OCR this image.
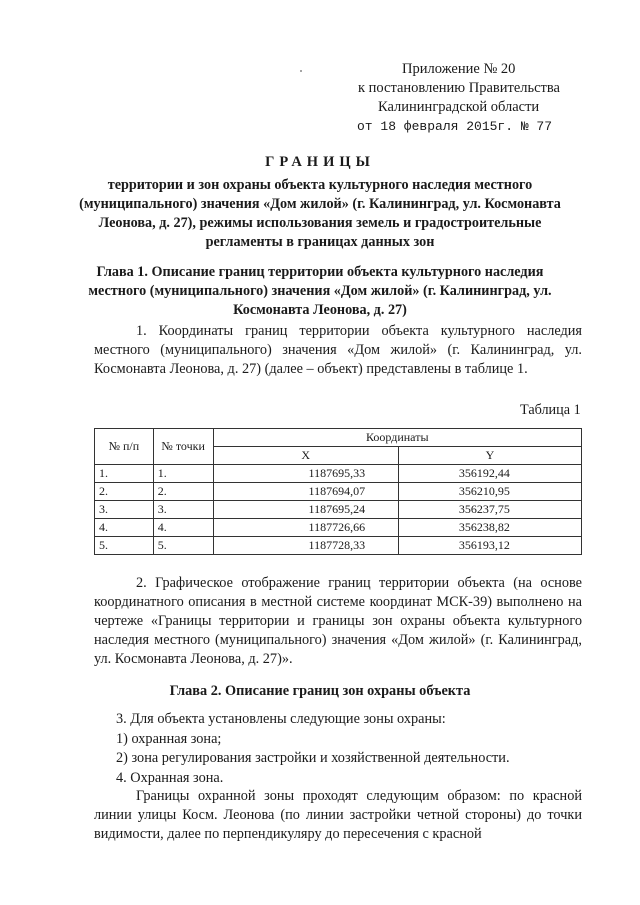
Приложение № 20
к постановлению Правительства
Калининградской области
от 18 февраля 2015г. № 77
ГРАНИЦЫ
территории и зон охраны объекта культурного наследия местного (муниципального) значения «Дом жилой» (г. Калининград, ул. Космонавта Леонова, д. 27), режимы использования земель и градостроительные регламенты в границах данных зон
Глава 1. Описание границ территории объекта культурного наследия местного (муниципального) значения «Дом жилой» (г. Калининград, ул. Космонавта Леонова, д. 27)
1. Координаты границ территории объекта культурного наследия местного (муниципального) значения «Дом жилой» (г. Калининград, ул. Космонавта Леонова, д. 27) (далее – объект) представлены в таблице 1.
Таблица 1
№ п/п	№ точки	Координаты	
		X	Y
1.	1.	1187695,33	356192,44
2.	2.	1187694,07	356210,95
3.	3.	1187695,24	356237,75
4.	4.	1187726,66	356238,82
5.	5.	1187728,33	356193,12
2. Графическое отображение границ территории объекта (на основе координатного описания в местной системе координат МСК-39) выполнено на чертеже «Границы территории и границы зон охраны объекта культурного наследия местного (муниципального) значения «Дом жилой» (г. Калининград, ул. Космонавта Леонова, д. 27)».
Глава 2. Описание границ зон охраны объекта
3. Для объекта установлены следующие зоны охраны:
1) охранная зона;
2) зона регулирования застройки и хозяйственной деятельности.
4. Охранная зона.
Границы охранной зоны проходят следующим образом: по красной линии улицы Косм. Леонова (по линии застройки четной стороны) до точки видимости, далее по перпендикуляру до пересечения с красной
